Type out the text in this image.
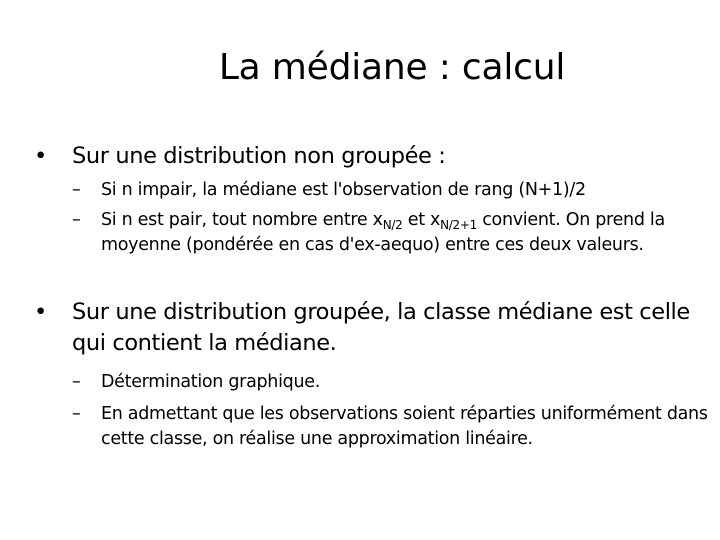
La médiane : calcul
• Sur une distribution non groupée :
– Si n impair, la médiane est l'observation de rang (N+1)/2
– Si n est pair, tout nombre entre $x_{N/2}$ et $x_{N/2+1}$ convient. On prend la moyenne (pondérée en cas d'ex-aequo) entre ces deux valeurs.
• Sur une distribution groupée, la classe médiane est celle qui contient la médiane.
– Détermination graphique.
– En admettant que les observations soient réparties uniformément dans cette classe, on réalise une approximation linéaire.
